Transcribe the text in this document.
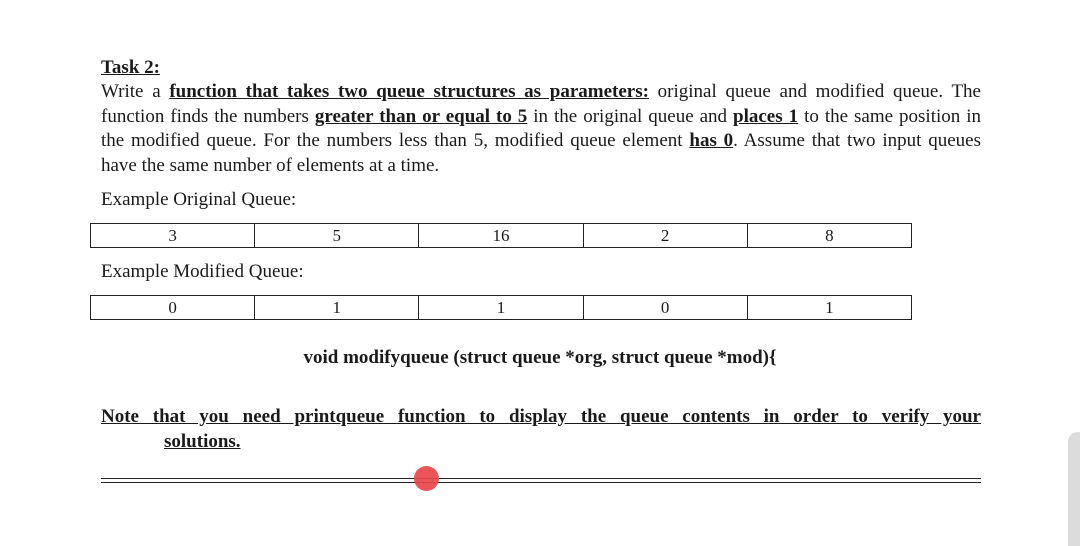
Task 2:

Write a function that takes two queue structures as parameters: original queue and modified queue. The function finds the numbers greater than or equal to 5 in the original queue and places 1 to the same position in the modified queue. For the numbers less than 5, modified queue element has 0. Assume that two input queues have the same number of elements at a time.

Example Original Queue:
3	5	16	2	8
Example Modified Queue:
0	1	1	0	1
void modifyqueue (struct queue *org, struct queue *mod){
Note that you need printqueue function to display the queue contents in order to verify your
solutions.
